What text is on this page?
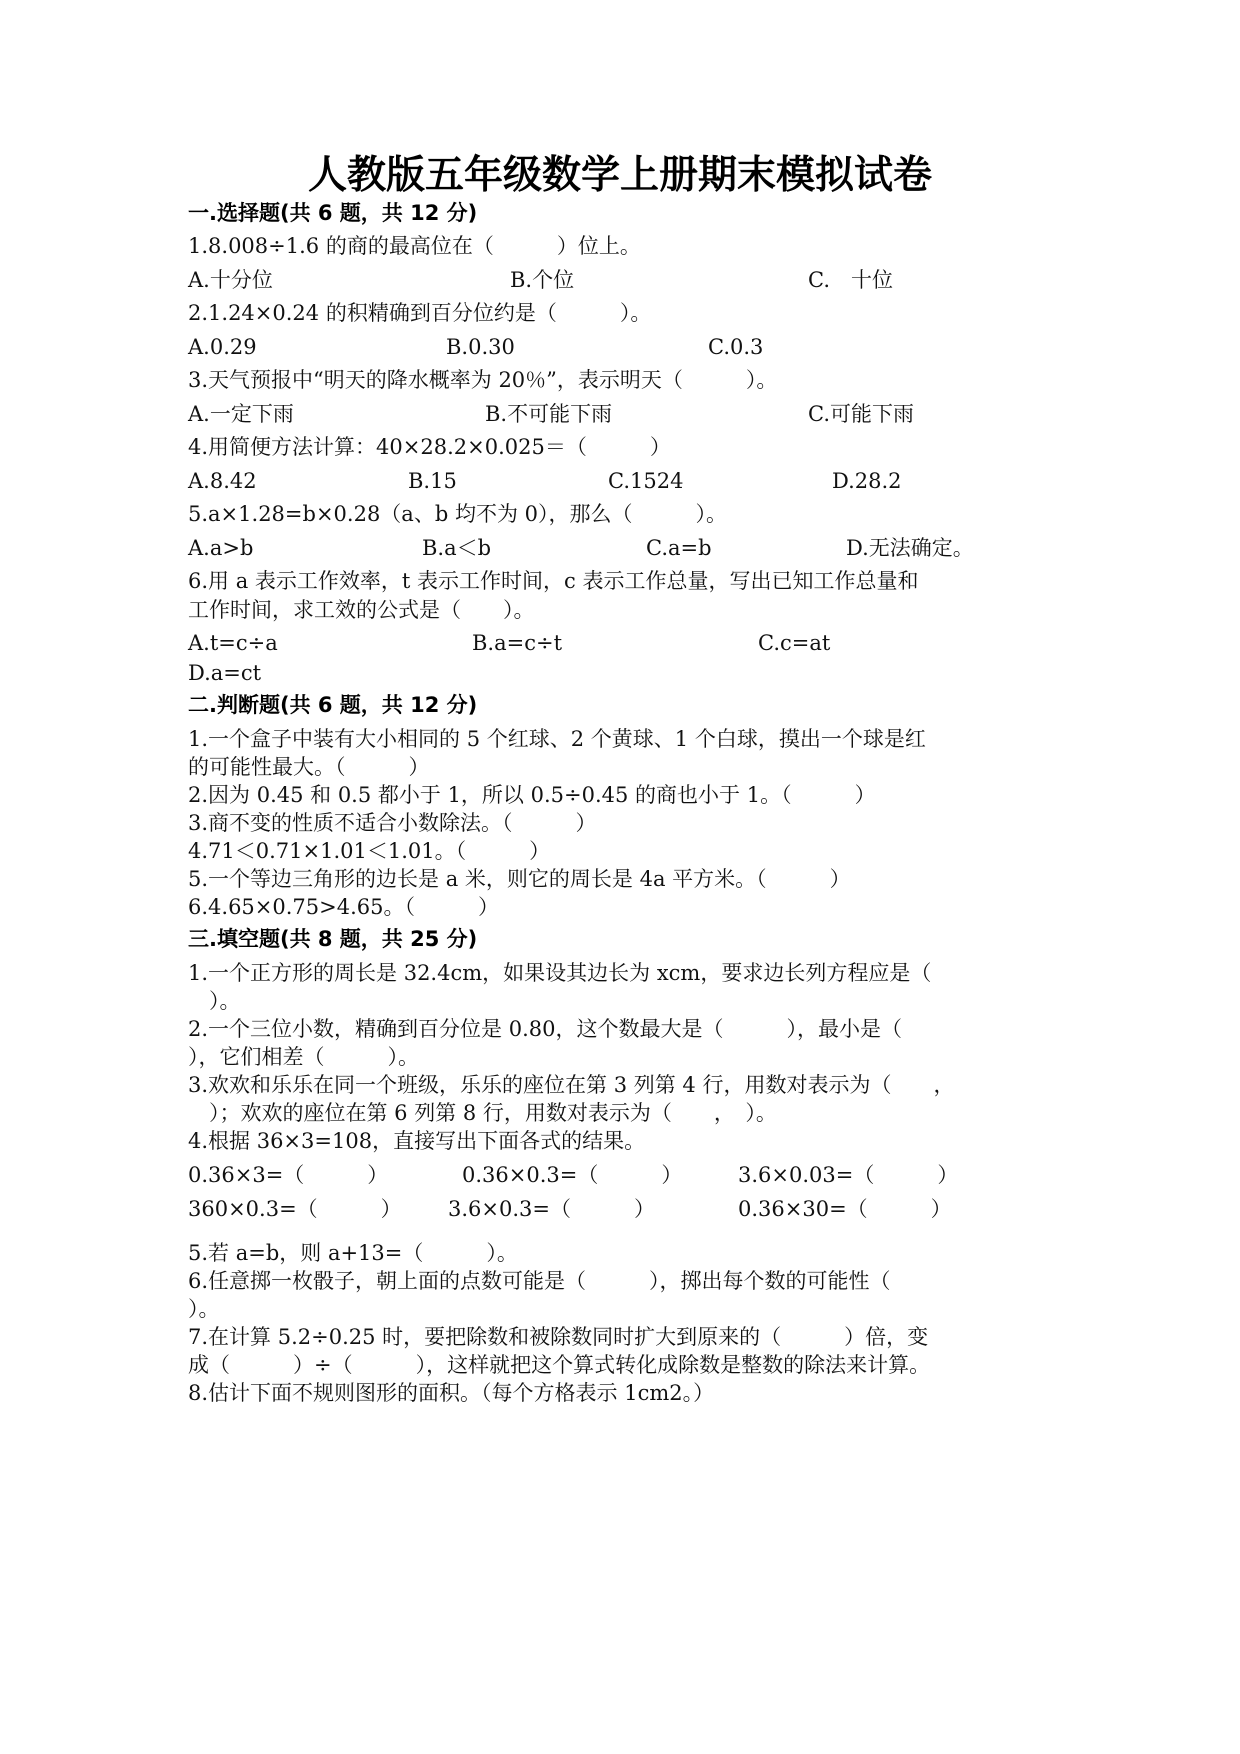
人教版五年级数学上册期末模拟试卷
一.选择题(共 6 题，共 12 分)
1.8.008÷1.6 的商的最高位在（　　　）位上。
A.十分位	B.个位	C.　十位
2.1.24×0.24 的积精确到百分位约是（　　　）。
A.0.29	B.0.30	C.0.3
3.天气预报中“明天的降水概率为 20％”，表示明天（　　　）。
A.一定下雨	B.不可能下雨	C.可能下雨
4.用简便方法计算：40×28.2×0.025＝（　　　）
A.8.42	B.15	C.1524	D.28.2
5.a×1.28=b×0.28（a、b 均不为 0），那么（　　　）。
A.a>b	B.a＜b	C.a=b	D.无法确定。
6.用 a 表示工作效率，t 表示工作时间，c 表示工作总量，写出已知工作总量和
工作时间，求工效的公式是（　　）。
A.t=c÷a	B.a=c÷t	C.c=at
D.a=ct
二.判断题(共 6 题，共 12 分)
1.一个盒子中装有大小相同的 5 个红球、2 个黄球、1 个白球，摸出一个球是红
的可能性最大。（　　　）
2.因为 0.45 和 0.5 都小于 1，所以 0.5÷0.45 的商也小于 1。（　　　）
3.商不变的性质不适合小数除法。（　　　）
4.71＜0.71×1.01＜1.01。（　　　）
5.一个等边三角形的边长是 a 米，则它的周长是 4a 平方米。（　　　）
6.4.65×0.75>4.65。（　　　）
三.填空题(共 8 题，共 25 分)
1.一个正方形的周长是 32.4cm，如果设其边长为 xcm，要求边长列方程应是（
　）。
2.一个三位小数，精确到百分位是 0.80，这个数最大是（　　　），最小是（
），它们相差（　　　）。
3.欢欢和乐乐在同一个班级，乐乐的座位在第 3 列第 4 行，用数对表示为（　　，
　）；欢欢的座位在第 6 列第 8 行，用数对表示为（　　，　）。
4.根据 36×3=108，直接写出下面各式的结果。
0.36×3=（　　　）	0.36×0.3=（　　　）	3.6×0.03=（　　　）
360×0.3=（　　　） 3.6×0.3=（　　　）	0.36×30=（　　　）
5.若 a=b，则 a+13=（　　　）。
6.任意掷一枚骰子，朝上面的点数可能是（　　　），掷出每个数的可能性（
）。
7.在计算 5.2÷0.25 时，要把除数和被除数同时扩大到原来的（　　　）倍，变
成（　　　）÷（　　　），这样就把这个算式转化成除数是整数的除法来计算。
8.估计下面不规则图形的面积。（每个方格表示 1cm2。）
